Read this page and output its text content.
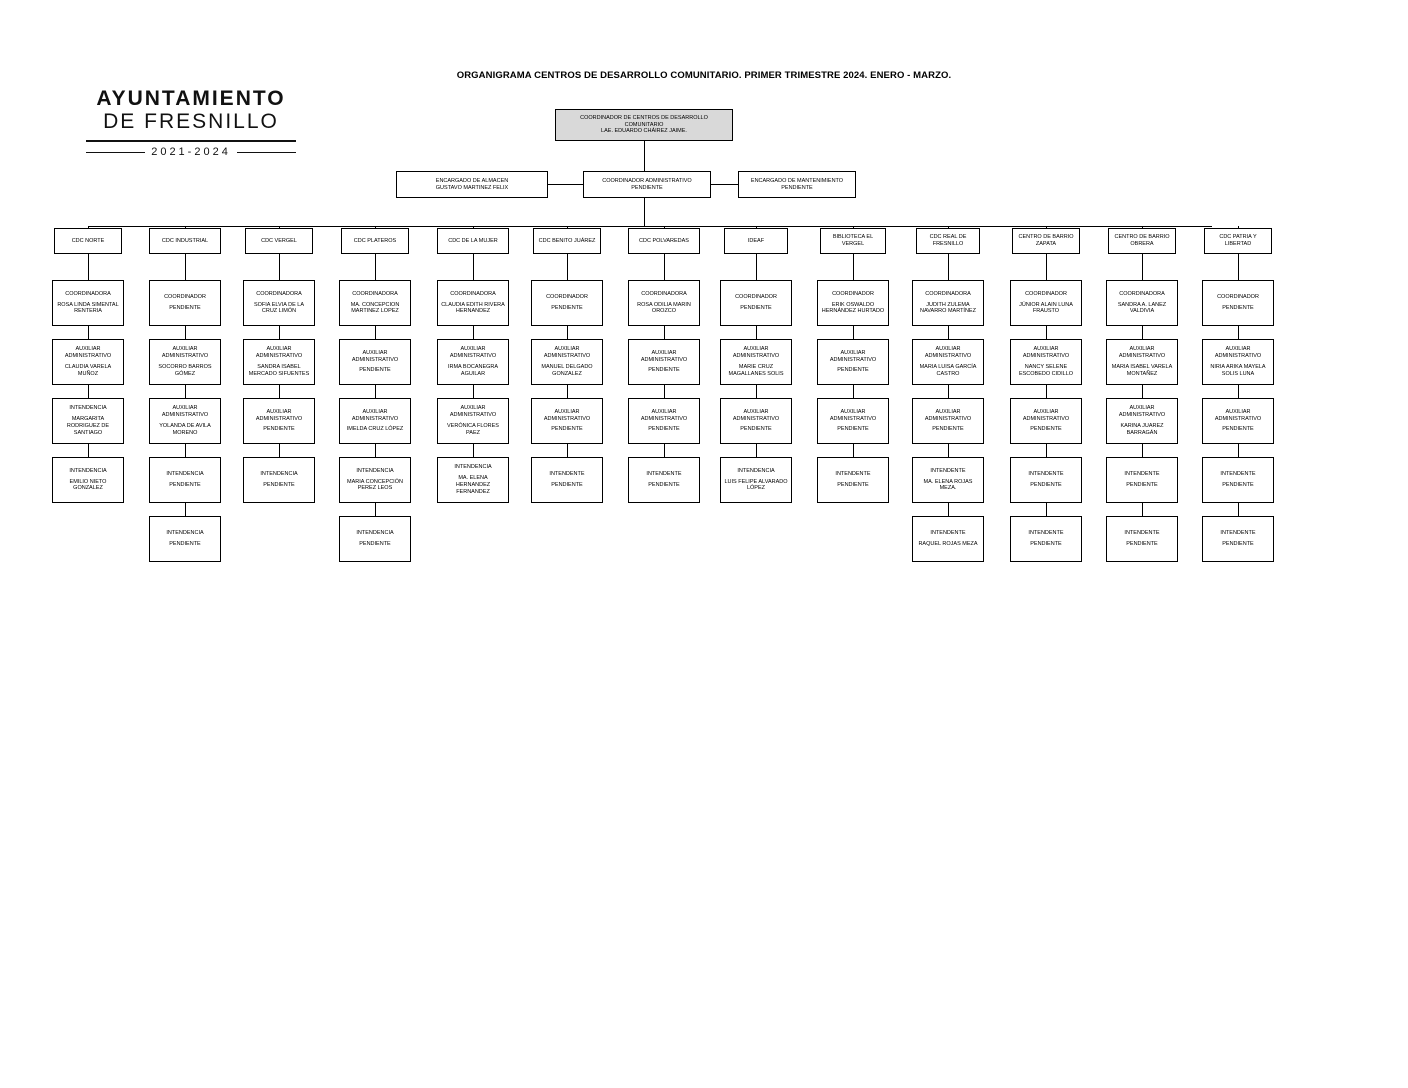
ORGANIGRAMA CENTROS DE DESARROLLO COMUNITARIO. PRIMER TRIMESTRE 2024. ENERO - MARZO.
AYUNTAMIENTO
DE FRESNILLO
2021-2024
COORDINADOR DE CENTROS DE DESARROLLO
COMUNITARIO
LAE. EDUARDO CHÁIREZ JAIME.
ENCARGADO DE ALMACEN
GUSTAVO MARTINEZ FELIX
COORDINADOR ADMINISTRATIVO
PENDIENTE
ENCARGADO DE MANTENIMIENTO
PENDIENTE
CDC NORTE
COORDINADORA
ROSA LINDA SIMENTAL RENTERIA
AUXILIAR ADMINISTRATIVO
CLAUDIA VARELA MUÑOZ
INTENDENCIA
MARGARITA RODRIGUEZ DE SANTIAGO
INTENDENCIA
EMILIO NIETO GONZALEZ
CDC INDUSTRIAL
COORDINADOR
PENDIENTE
AUXILIAR ADMINISTRATIVO
SOCORRO BARROS GÓMEZ
AUXILIAR ADMINISTRATIVO
YOLANDA DE AVILA MORENO
INTENDENCIA
PENDIENTE
INTENDENCIA
PENDIENTE
CDC VERGEL
COORDINADORA
SOFIA ELVIA DE LA CRUZ LIMÓN
AUXILIAR ADMINISTRATIVO
SANDRA ISABEL MERCADO SIFUENTES
AUXILIAR ADMINISTRATIVO
PENDIENTE
INTENDENCIA
PENDIENTE
CDC PLATEROS
COORDINADORA
MA. CONCEPCION MARTINEZ LOPEZ
AUXILIAR ADMINISTRATIVO
PENDIENTE
AUXILIAR ADMINISTRATIVO
IMELDA CRUZ LÓPEZ
INTENDENCIA
MARIA CONCEPCIÓN PEREZ LEOS
INTENDENCIA
PENDIENTE
CDC DE LA MUJER
COORDINADORA
CLAUDIA EDITH RIVERA HERNANDEZ
AUXILIAR ADMINISTRATIVO
IRMA BOCANEGRA AGUILAR
AUXILIAR ADMINISTRATIVO
VERÓNICA FLORES PAEZ
INTENDENCIA
MA. ELENA HERNANDEZ FERNANDEZ
CDC BENITO JUÁREZ
COORDINADOR
PENDIENTE
AUXILIAR ADMINISTRATIVO
MANUEL DELGADO GONZALEZ
AUXILIAR ADMINISTRATIVO
PENDIENTE
INTENDENTE
PENDIENTE
CDC POLVAREDAS
COORDINADORA
ROSA ODILIA MARIN OROZCO
AUXILIAR ADMINISTRATIVO
PENDIENTE
AUXILIAR ADMINISTRATIVO
PENDIENTE
INTENDENTE
PENDIENTE
IDEAF
COORDINADOR
PENDIENTE
AUXILIAR ADMINISTRATIVO
MARIE CRUZ MAGALLANES SOLIS
AUXILIAR ADMINISTRATIVO
PENDIENTE
INTENDENCIA
LUIS FELIPE ALVARADO LÓPEZ
BIBLIOTECA EL VERGEL
COORDINADOR
ERIK OSWALDO HERNÁNDEZ HURTADO
AUXILIAR ADMINISTRATIVO
PENDIENTE
AUXILIAR ADMINISTRATIVO
PENDIENTE
INTENDENTE
PENDIENTE
CDC REAL DE FRESNILLO
COORDINADORA
JUDITH ZULEMA NAVARRO MARTÍNEZ
AUXILIAR ADMINISTRATIVO
MARIA LUISA GARCÍA CASTRO
AUXILIAR ADMINISTRATIVO
PENDIENTE
INTENDENTE
MA. ELENA ROJAS MEZA.
INTENDENTE
RAQUEL ROJAS MEZA
CENTRO DE BARRIO ZAPATA
COORDINADOR
JÚNIOR ALAIN LUNA FRAUSTO
AUXILIAR ADMINISTRATIVO
NANCY SELENE ESCOBEDO CIDILLO
AUXILIAR ADMINISTRATIVO
PENDIENTE
INTENDENTE
PENDIENTE
INTENDENTE
PENDIENTE
CENTRO DE BARRIO OBRERA
COORDINADORA
SANDRA A. LANEZ VALDIVIA
AUXILIAR ADMINISTRATIVO
MARIA ISABEL VARELA MONTAÑEZ
AUXILIAR ADMINISTRATIVO
KARINA JUAREZ BARRAGÁN
INTENDENTE
PENDIENTE
INTENDENTE
PENDIENTE
CDC PATRIA Y LIBERTAD
COORDINADOR
PENDIENTE
AUXILIAR ADMINISTRATIVO
NIRIA ARIKA MAYELA SOLIS LUNA
AUXILIAR ADMINISTRATIVO
PENDIENTE
INTENDENTE
PENDIENTE
INTENDENTE
PENDIENTE
